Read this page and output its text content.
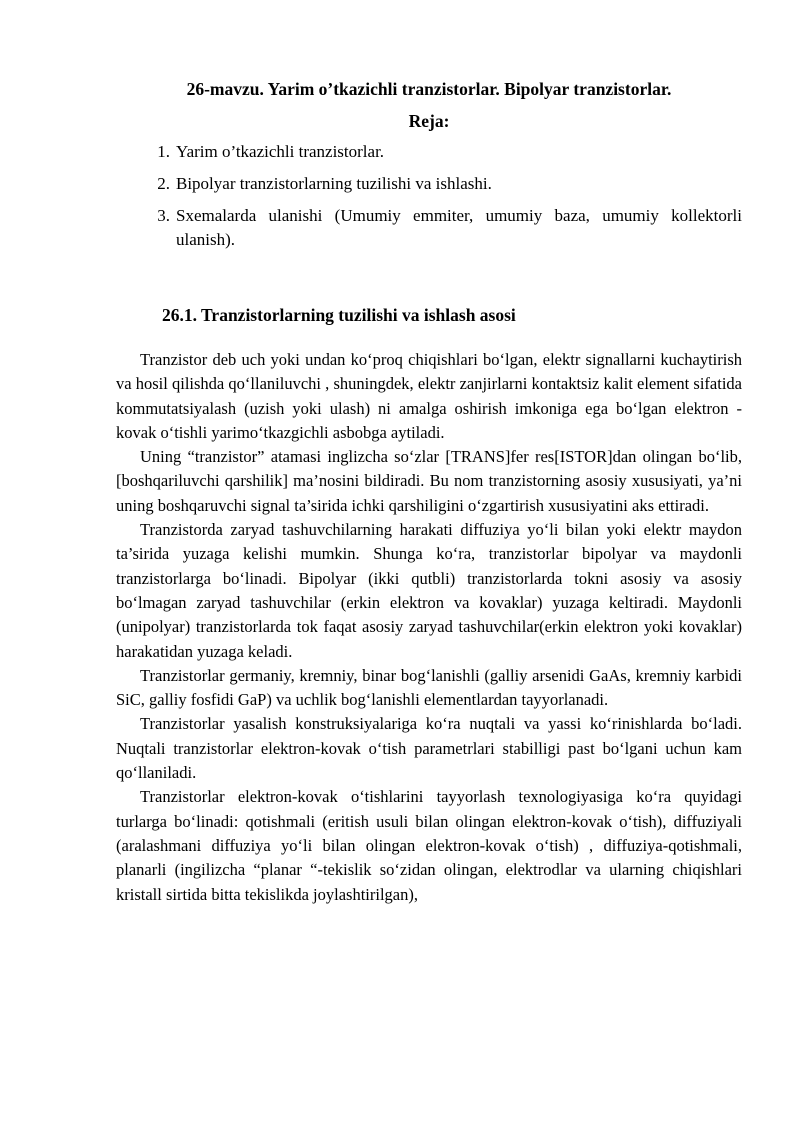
26-mavzu. Yarim o’tkazichli tranzistorlar. Bipolyar tranzistorlar.
Reja:
1. Yarim o’tkazichli tranzistorlar.
2. Bipolyar tranzistorlarning tuzilishi va ishlashi.
3. Sxemalarda ulanishi (Umumiy emmiter, umumiy baza, umumiy kollektorli ulanish).
26.1. Tranzistorlarning tuzilishi va ishlash asosi

Tranzistor deb uch yoki undan ko‘proq chiqishlari bo‘lgan, elektr signallarni kuchaytirish va hosil qilishda qo‘llaniluvchi , shuningdek, elektr zanjirlarni kontaktsiz kalit element sifatida kommutatsiyalash (uzish yoki ulash) ni amalga oshirish imkoniga ega bo‘lgan elektron - kovak o‘tishli yarimo‘tkazgichli asbobga aytiladi.

Uning “tranzistor” atamasi inglizcha so‘zlar [TRANS]fer res[ISTOR]dan olingan bo‘lib,[boshqariluvchi qarshilik] ma’nosini bildiradi. Bu nom tranzistorning asosiy xususiyati, ya’ni uning boshqaruvchi signal ta’sirida ichki qarshiligini o‘zgartirish xususiyatini aks ettiradi.

Tranzistorda zaryad tashuvchilarning harakati diffuziya yo‘li bilan yoki elektr maydon ta’sirida yuzaga kelishi mumkin. Shunga ko‘ra, tranzistorlar bipolyar va maydonli tranzistorlarga bo‘linadi. Bipolyar (ikki qutbli) tranzistorlarda tokni asosiy va asosiy bo‘lmagan zaryad tashuvchilar (erkin elektron va kovaklar) yuzaga keltiradi. Maydonli (unipolyar) tranzistorlarda tok faqat asosiy zaryad tashuvchilar(erkin elektron yoki kovaklar) harakatidan yuzaga keladi.

Tranzistorlar germaniy, kremniy, binar bog‘lanishli (galliy arsenidi GaAs, kremniy karbidi SiC, galliy fosfidi GaP) va uchlik bog‘lanishli elementlardan tayyorlanadi.

Tranzistorlar yasalish konstruksiyalariga ko‘ra nuqtali va yassi ko‘rinishlarda bo‘ladi. Nuqtali tranzistorlar elektron-kovak o‘tish parametrlari stabilligi past bo‘lgani uchun kam qo‘llaniladi.

Tranzistorlar elektron-kovak o‘tishlarini tayyorlash texnologiyasiga ko‘ra quyidagi turlarga bo‘linadi: qotishmali (eritish usuli bilan olingan elektron-kovak o‘tish), diffuziyali (aralashmani diffuziya yo‘li bilan olingan elektron-kovak o‘tish) , diffuziya-qotishmali, planarli (ingilizcha “planar “-tekislik so‘zidan olingan, elektrodlar va ularning chiqishlari kristall sirtida bitta tekislikda joylashtirilgan),
